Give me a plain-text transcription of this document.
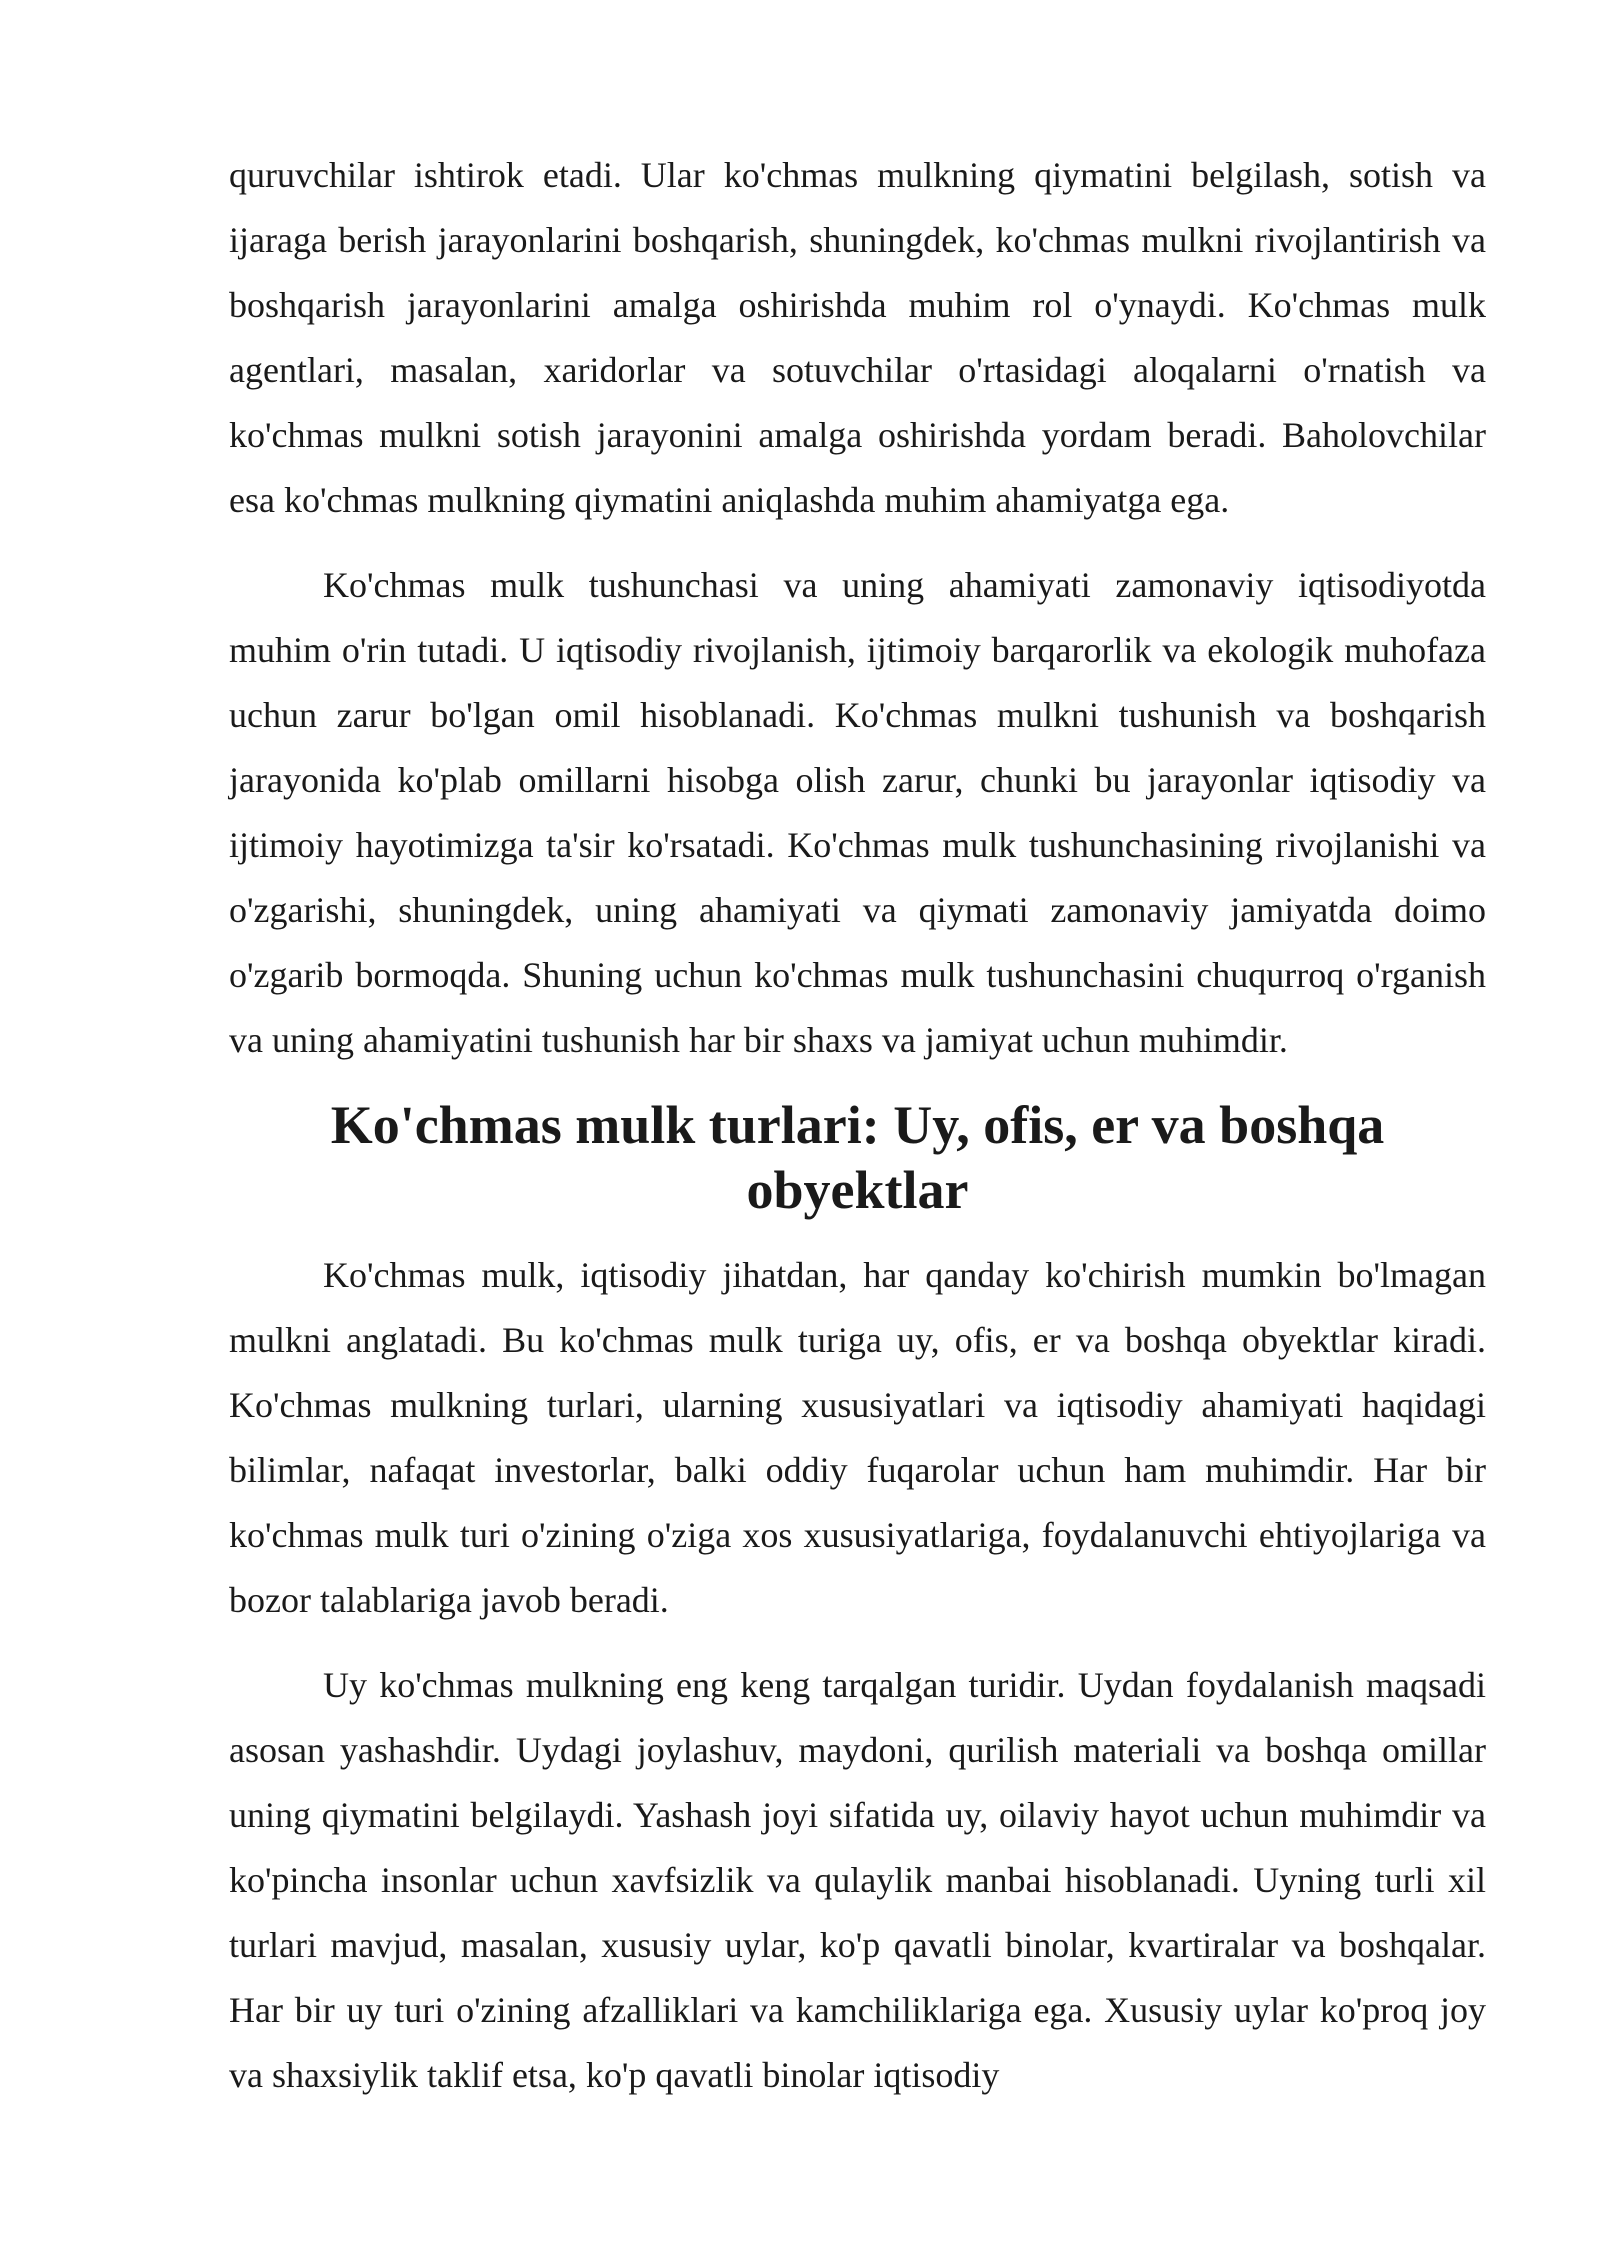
quruvchilar ishtirok etadi. Ular ko'chmas mulkning qiymatini belgilash, sotish va ijaraga berish jarayonlarini boshqarish, shuningdek, ko'chmas mulkni rivojlantirish va boshqarish jarayonlarini amalga oshirishda muhim rol o'ynaydi. Ko'chmas mulk agentlari, masalan, xaridorlar va sotuvchilar o'rtasidagi aloqalarni o'rnatish va ko'chmas mulkni sotish jarayonini amalga oshirishda yordam beradi. Baholovchilar esa ko'chmas mulkning qiymatini aniqlashda muhim ahamiyatga ega.

Ko'chmas mulk tushunchasi va uning ahamiyati zamonaviy iqtisodiyotda muhim o'rin tutadi. U iqtisodiy rivojlanish, ijtimoiy barqarorlik va ekologik muhofaza uchun zarur bo'lgan omil hisoblanadi. Ko'chmas mulkni tushunish va boshqarish jarayonida ko'plab omillarni hisobga olish zarur, chunki bu jarayonlar iqtisodiy va ijtimoiy hayotimizga ta'sir ko'rsatadi. Ko'chmas mulk tushunchasining rivojlanishi va o'zgarishi, shuningdek, uning ahamiyati va qiymati zamonaviy jamiyatda doimo o'zgarib bormoqda. Shuning uchun ko'chmas mulk tushunchasini chuqurroq o'rganish va uning ahamiyatini tushunish har bir shaxs va jamiyat uchun muhimdir.

Ko'chmas mulk turlari: Uy, ofis, er va boshqa obyektlar

Ko'chmas mulk, iqtisodiy jihatdan, har qanday ko'chirish mumkin bo'lmagan mulkni anglatadi. Bu ko'chmas mulk turiga uy, ofis, er va boshqa obyektlar kiradi. Ko'chmas mulkning turlari, ularning xususiyatlari va iqtisodiy ahamiyati haqidagi bilimlar, nafaqat investorlar, balki oddiy fuqarolar uchun ham muhimdir. Har bir ko'chmas mulk turi o'zining o'ziga xos xususiyatlariga, foydalanuvchi ehtiyojlariga va bozor talablariga javob beradi.

Uy ko'chmas mulkning eng keng tarqalgan turidir. Uydan foydalanish maqsadi asosan yashashdir. Uydagi joylashuv, maydoni, qurilish materiali va boshqa omillar uning qiymatini belgilaydi. Yashash joyi sifatida uy, oilaviy hayot uchun muhimdir va ko'pincha insonlar uchun xavfsizlik va qulaylik manbai hisoblanadi. Uyning turli xil turlari mavjud, masalan, xususiy uylar, ko'p qavatli binolar, kvartiralar va boshqalar. Har bir uy turi o'zining afzalliklari va kamchiliklariga ega. Xususiy uylar ko'proq joy va shaxsiylik taklif etsa, ko'p qavatli binolar iqtisodiy
